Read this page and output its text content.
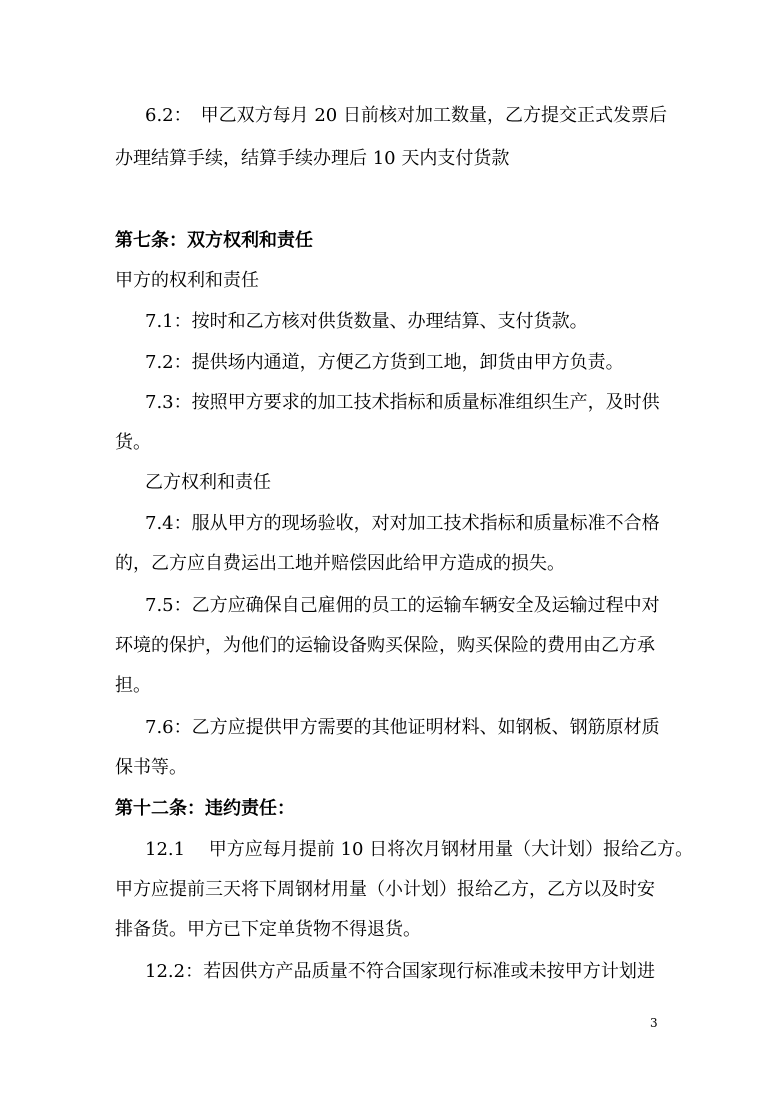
6.2：　甲乙双方每月 20 日前核对加工数量，乙方提交正式发票后
办理结算手续，结算手续办理后 10 天内支付货款
第七条：双方权利和责任
甲方的权利和责任
7.1：按时和乙方核对供货数量、办理结算、支付货款。
7.2：提供场内通道，方便乙方货到工地，卸货由甲方负责。
7.3：按照甲方要求的加工技术指标和质量标准组织生产，及时供
货。
乙方权利和责任
7.4：服从甲方的现场验收，对对加工技术指标和质量标准不合格
的，乙方应自费运出工地并赔偿因此给甲方造成的损失。
7.5：乙方应确保自己雇佣的员工的运输车辆安全及运输过程中对
环境的保护，为他们的运输设备购买保险，购买保险的费用由乙方承
担。
7.6：乙方应提供甲方需要的其他证明材料、如钢板、钢筋原材质
保书等。
第十二条：违约责任：
12.1　 甲方应每月提前 10 日将次月钢材用量（大计划）报给乙方。
甲方应提前三天将下周钢材用量（小计划）报给乙方，乙方以及时安
排备货。甲方已下定单货物不得退货。
12.2：若因供方产品质量不符合国家现行标准或未按甲方计划进
3
